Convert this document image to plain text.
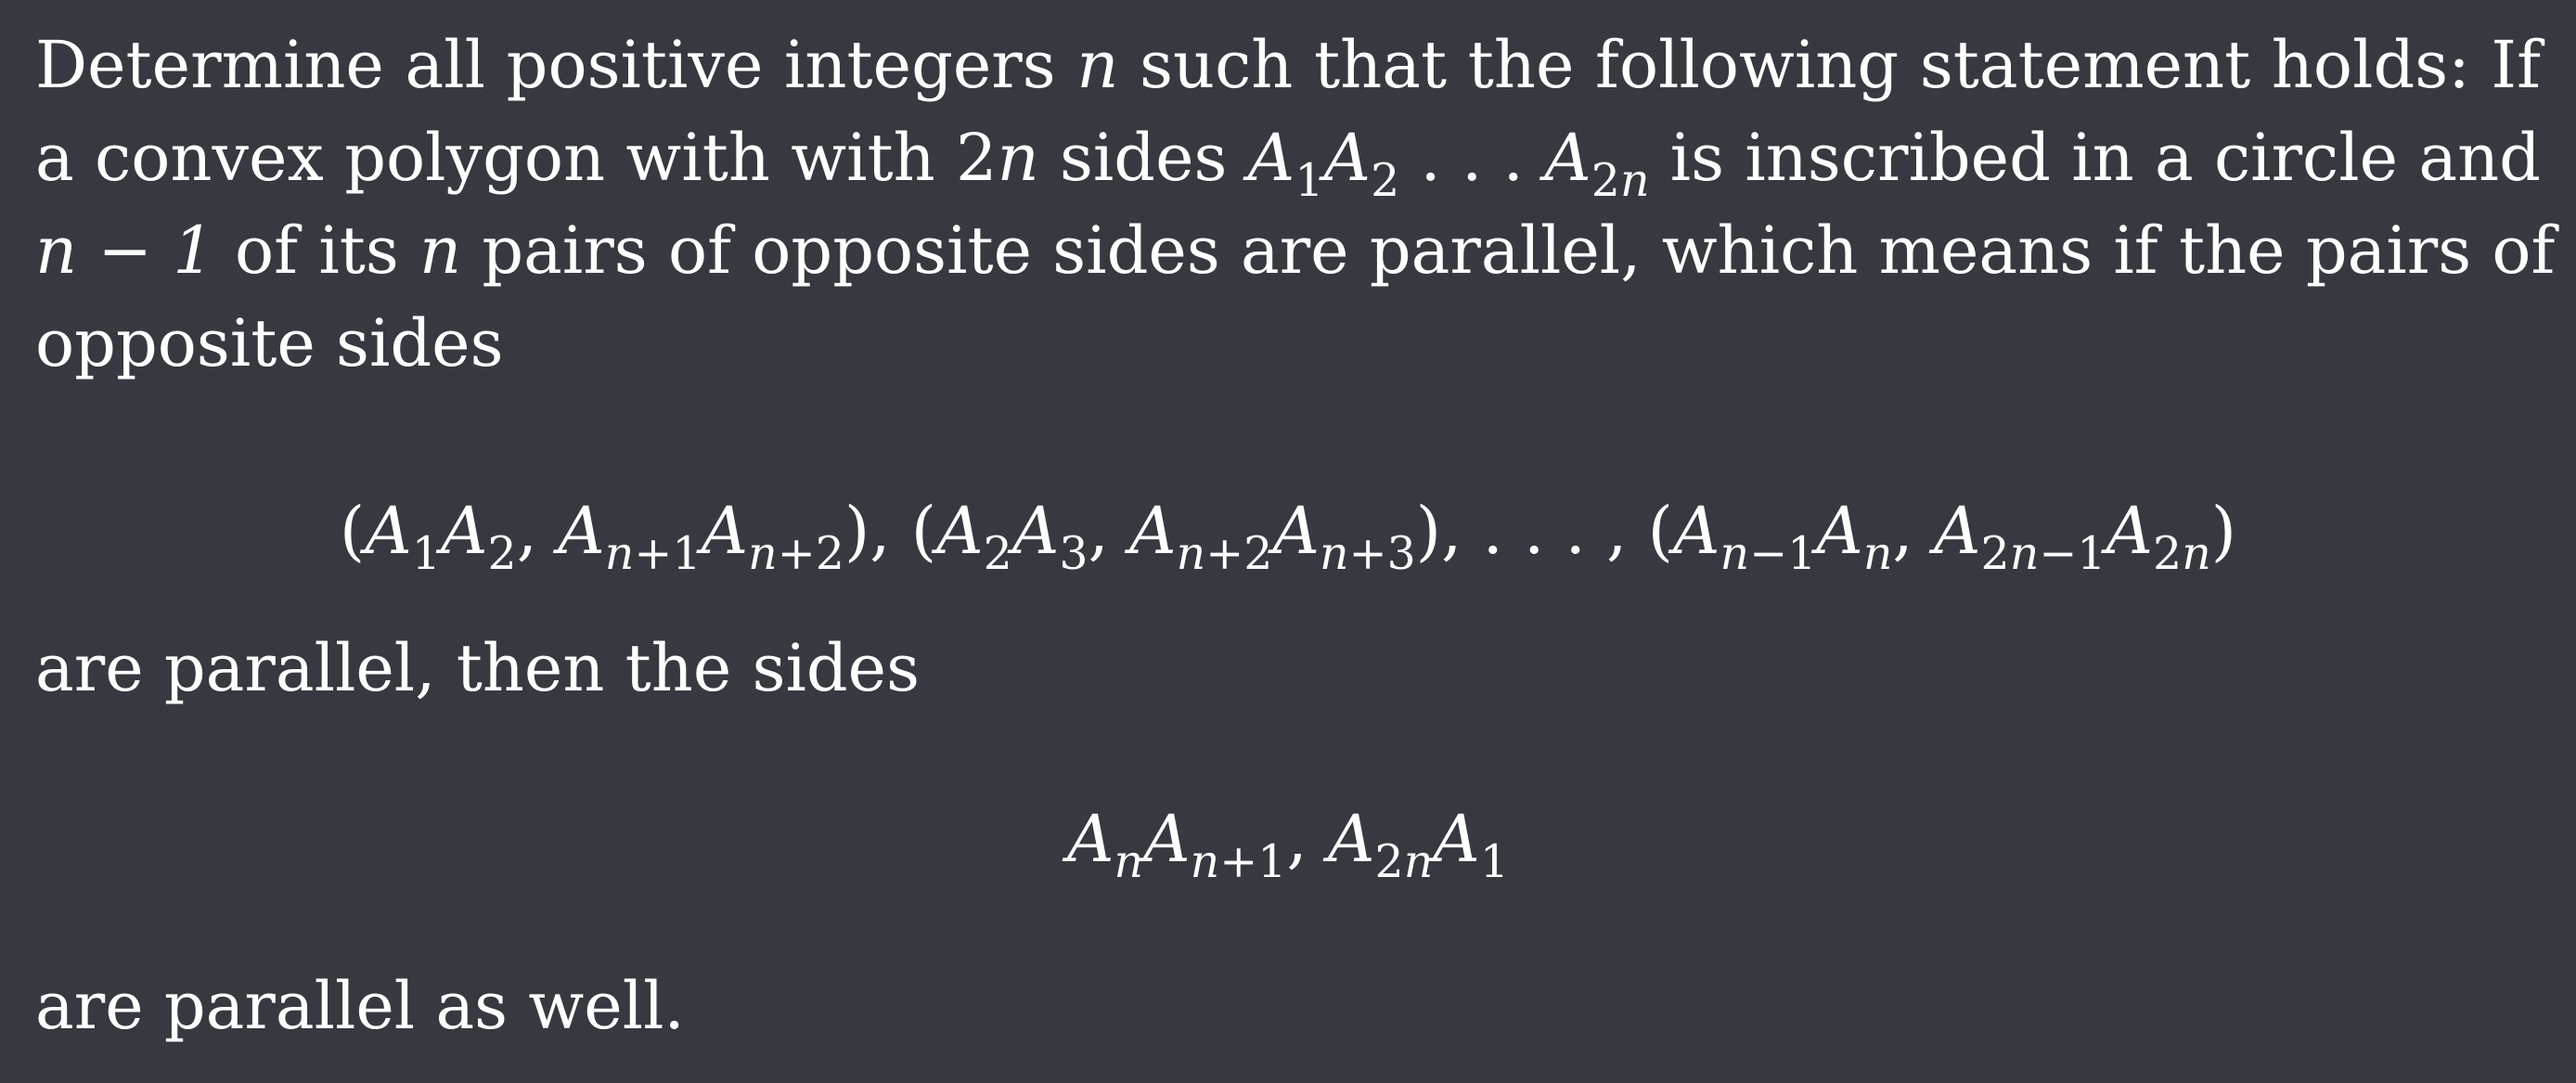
Determine all positive integers n such that the following statement holds: If
a convex polygon with with 2n sides $A_1A_2$ . . . $A_{2n}$ is inscribed in a circle and
n − 1 of its n pairs of opposite sides are parallel, which means if the pairs of
opposite sides
($A_1A_2$, $A_{n+1}A_{n+2}$), ($A_2A_3$, $A_{n+2}A_{n+3}$), . . . , ($A_{n-1}A_n$, $A_{2n-1}A_{2n}$)

are parallel, then the sides

$A_nA_{n+1}$, $A_{2n}A_1$

are parallel as well.
